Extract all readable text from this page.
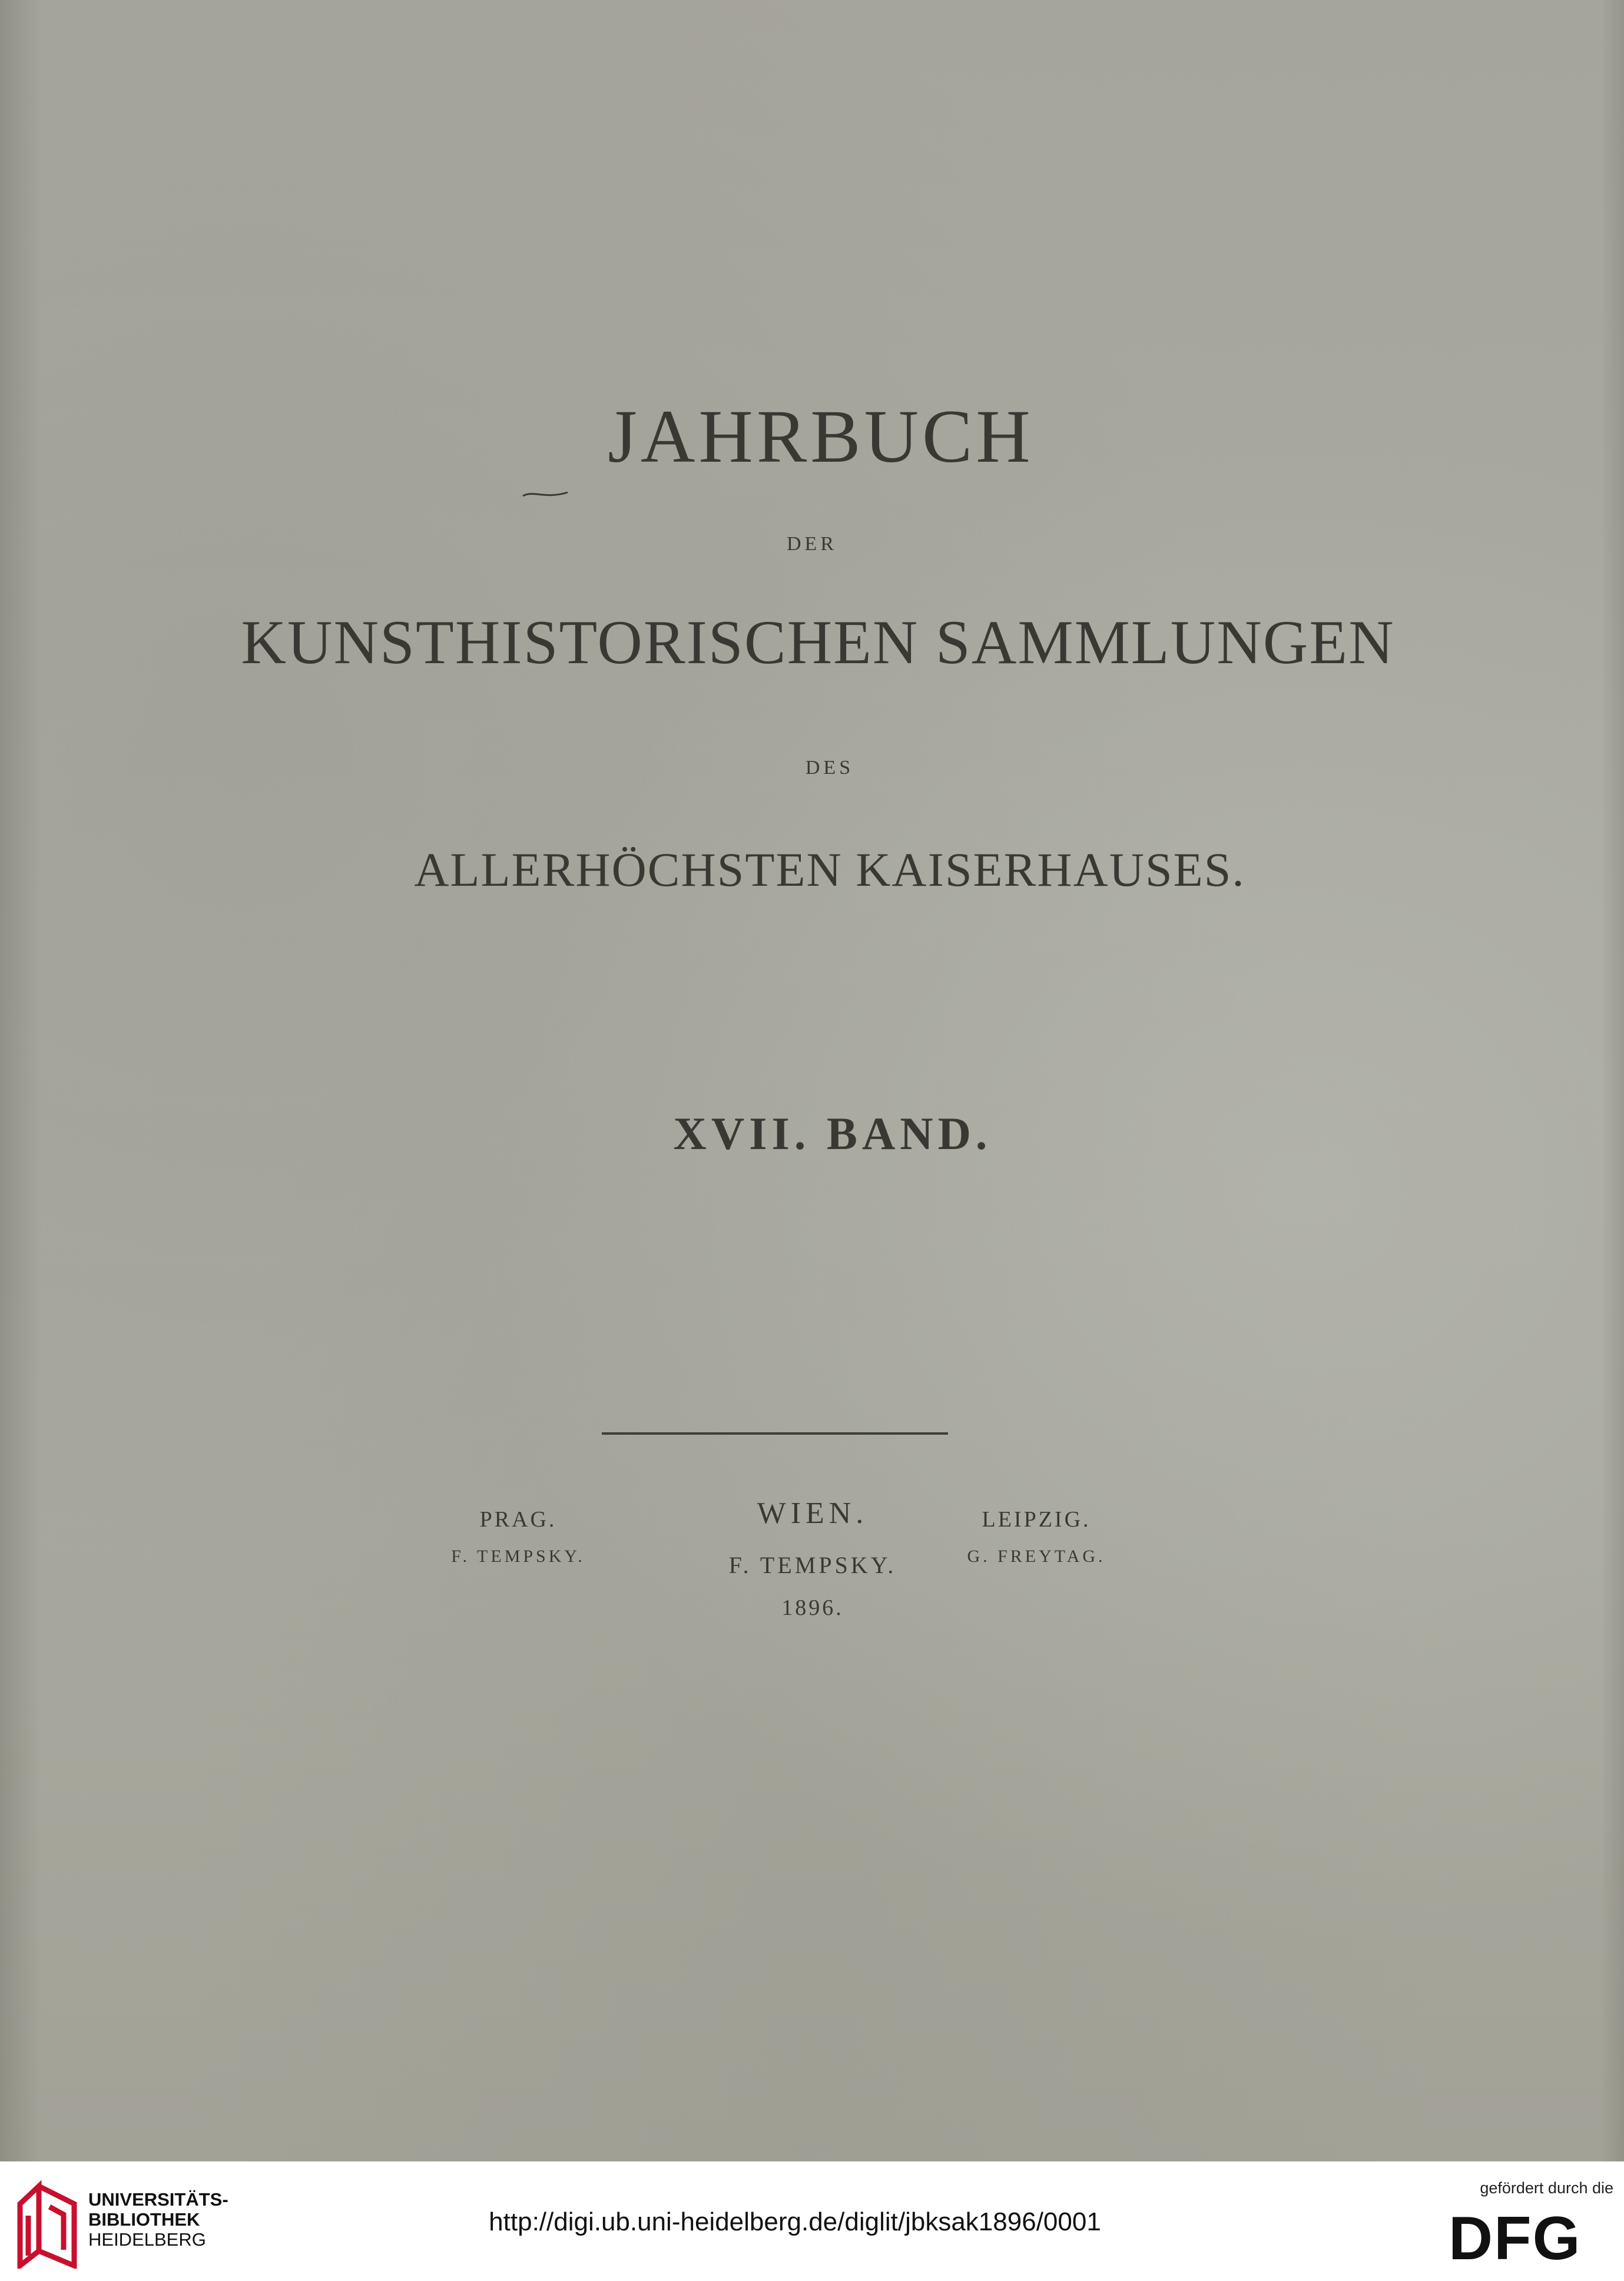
JAHRBUCH
DER
KUNSTHISTORISCHEN SAMMLUNGEN
DES
ALLERHÖCHSTEN KAISERHAUSES.
XVII. BAND.
PRAG.
F. TEMPSKY.
WIEN.
F. TEMPSKY.
1896.
LEIPZIG.
G. FREYTAG.
UNIVERSITÄTS-
BIBLIOTHEK
HEIDELBERG
http://digi.ub.uni-heidelberg.de/diglit/jbksak1896/0001
gefördert durch die
DFG
